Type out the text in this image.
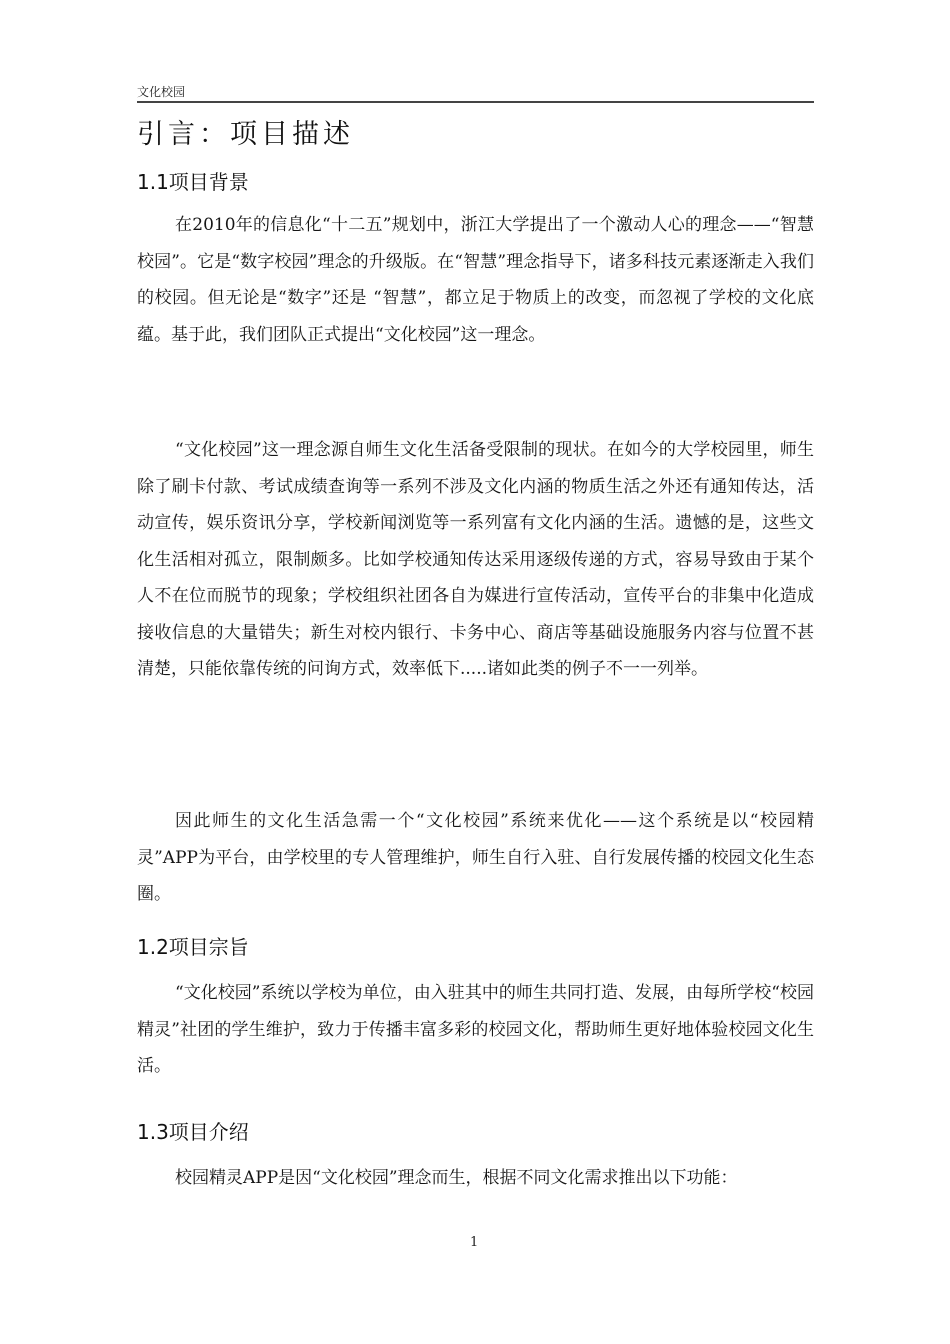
文化校园
引言：项目描述
1.1项目背景
在2010年的信息化“十二五”规划中，浙江大学提出了一个激动人心的理念——“智慧校园”。它是“数字校园”理念的升级版。在“智慧”理念指导下，诸多科技元素逐渐走入我们的校园。但无论是“数字”还是 “智慧”，都立足于物质上的改变，而忽视了学校的文化底蕴。基于此，我们团队正式提出“文化校园”这一理念。
“文化校园”这一理念源自师生文化生活备受限制的现状。在如今的大学校园里，师生除了刷卡付款、考试成绩查询等一系列不涉及文化内涵的物质生活之外还有通知传达，活动宣传，娱乐资讯分享，学校新闻浏览等一系列富有文化内涵的生活。遗憾的是，这些文化生活相对孤立，限制颇多。比如学校通知传达采用逐级传递的方式，容易导致由于某个人不在位而脱节的现象；学校组织社团各自为媒进行宣传活动，宣传平台的非集中化造成接收信息的大量错失；新生对校内银行、卡务中心、商店等基础设施服务内容与位置不甚清楚，只能依靠传统的问询方式，效率低下.....诸如此类的例子不一一列举。
因此师生的文化生活急需一个“文化校园”系统来优化——这个系统是以“校园精灵”APP为平台，由学校里的专人管理维护，师生自行入驻、自行发展传播的校园文化生态圈。
1.2项目宗旨
“文化校园”系统以学校为单位，由入驻其中的师生共同打造、发展，由每所学校“校园精灵”社团的学生维护，致力于传播丰富多彩的校园文化，帮助师生更好地体验校园文化生活。
1.3项目介绍
校园精灵APP是因“文化校园”理念而生，根据不同文化需求推出以下功能：
1
